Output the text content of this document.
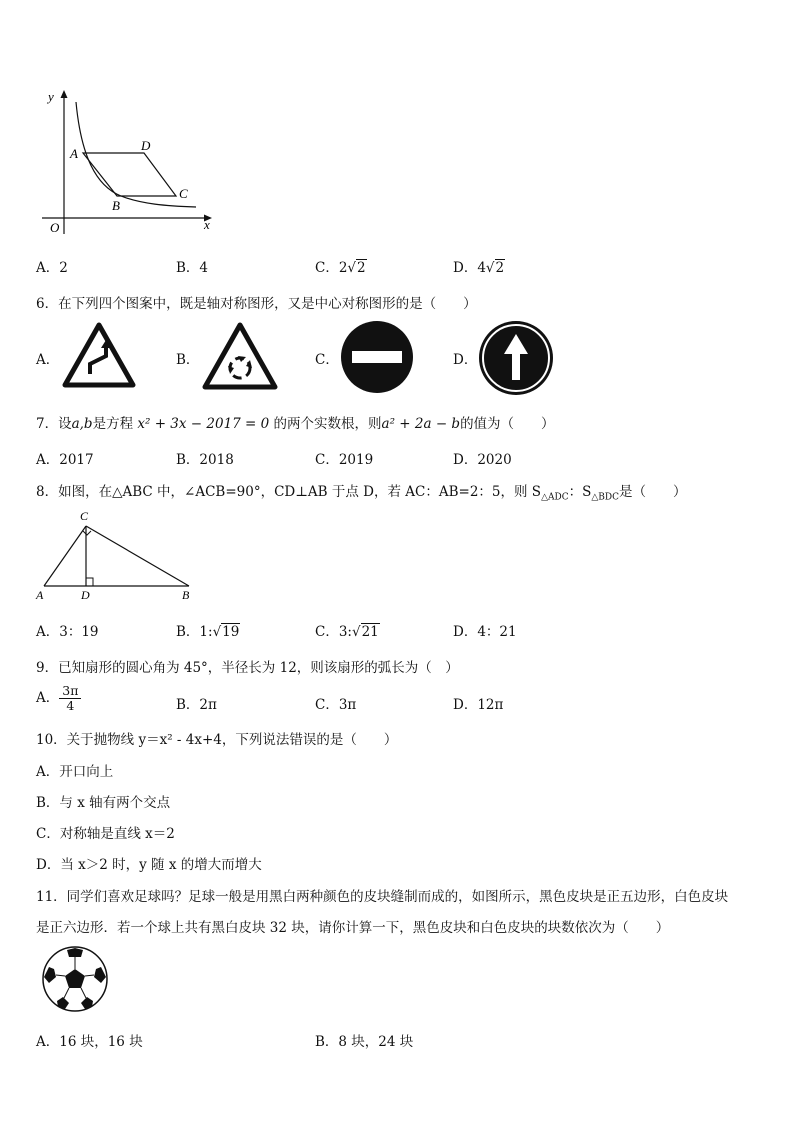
y
x
O
A
D
C
B
A．2	B．4	C．2√2	D．4√2
6．在下列四个图案中，既是轴对称图形，又是中心对称图形的是（　　）
A．	B．	C．	D．
7．设a,b是方程 x² + 3x − 2017 = 0 的两个实数根，则a² + 2a − b的值为（　　）
A．2017	B．2018	C．2019	D．2020
8．如图，在△ABC 中，∠ACB=90°，CD⊥AB 于点 D，若 AC：AB=2：5，则 $S_{\triangle ADC}$：$S_{\triangle BDC}$是（　　）
C
A	D	B
A．3：19	B．1:√19	C．3:√21	D．4：21
9．已知扇形的圆心角为 45°，半径长为 12，则该扇形的弧长为（　）
A． $\frac{3\pi}{4}$	B．2π	C．3π	D．12π
10．关于抛物线 y＝x² - 4x+4，下列说法错误的是（　　）
A．开口向上
B．与 x 轴有两个交点
C．对称轴是直线 x＝2
D．当 x＞2 时，y 随 x 的增大而增大
11．同学们喜欢足球吗？足球一般是用黑白两种颜色的皮块缝制而成的，如图所示，黑色皮块是正五边形，白色皮块
是正六边形．若一个球上共有黑白皮块 32 块，请你计算一下，黑色皮块和白色皮块的块数依次为（　　）
A．16 块，16 块	B．8 块，24 块
